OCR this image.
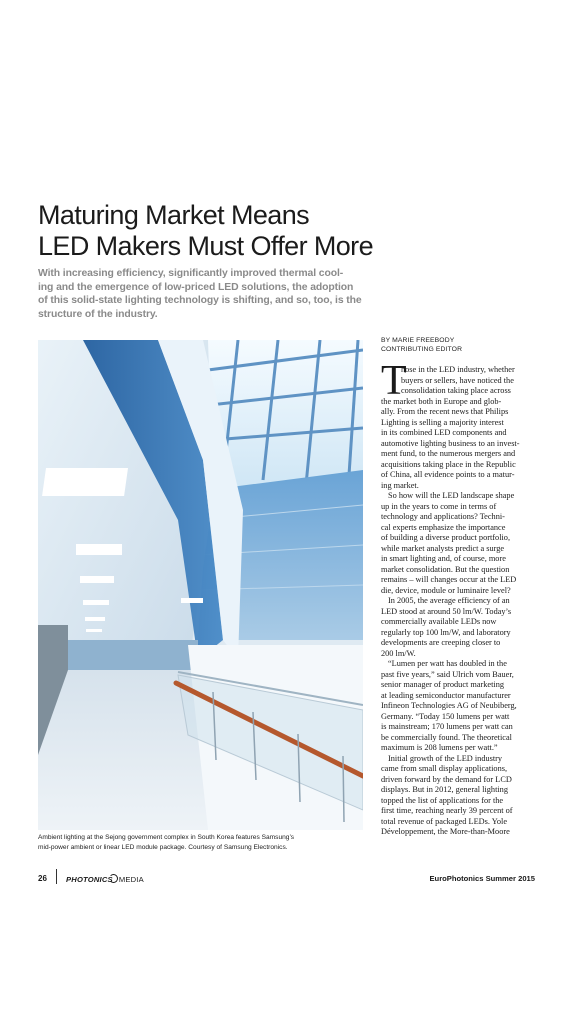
Maturing Market Means
LED Makers Must Offer More
With increasing efficiency, significantly improved thermal cool-
ing and the emergence of low-priced LED solutions, the adoption
of this solid-state lighting technology is shifting, and so, too, is the
structure of the industry.
Ambient lighting at the Sejong government complex in South Korea features Samsung’s
mid-power ambient or linear LED module package. Courtesy of Samsung Electronics.
BY MARIE FREEBODY
CONTRIBUTING EDITOR
T
hose in the LED industry, whether
buyers or sellers, have noticed the
consolidation taking place across
the market both in Europe and glob-
ally. From the recent news that Philips
Lighting is selling a majority interest
in its combined LED components and
automotive lighting business to an invest-
ment fund, to the numerous mergers and
acquisitions taking place in the Republic
of China, all evidence points to a matur-
ing market.
So how will the LED landscape shape
up in the years to come in terms of
technology and applications? Techni-
cal experts emphasize the importance
of building a diverse product portfolio,
while market analysts predict a surge
in smart lighting and, of course, more
market consolidation. But the question
remains – will changes occur at the LED
die, device, module or luminaire level?
In 2005, the average efficiency of an
LED stood at around 50 lm/W. Today’s
commercially available LEDs now
regularly top 100 lm/W, and laboratory
developments are creeping closer to
200 lm/W.
“Lumen per watt has doubled in the
past five years,” said Ulrich vom Bauer,
senior manager of product marketing
at leading semiconductor manufacturer
Infineon Technologies AG of Neubiberg,
Germany. “Today 150 lumens per watt
is mainstream; 170 lumens per watt can
be commercially found. The theoretical
maximum is 208 lumens per watt.”
Initial growth of the LED industry
came from small display applications,
driven forward by the demand for LCD
displays. But in 2012, general lighting
topped the list of applications for the
first time, reaching nearly 39 percent of
total revenue of packaged LEDs. Yole
Développement, the More-than-Moore
26	PHOTONICS MEDIA	EuroPhotonics Summer 2015
